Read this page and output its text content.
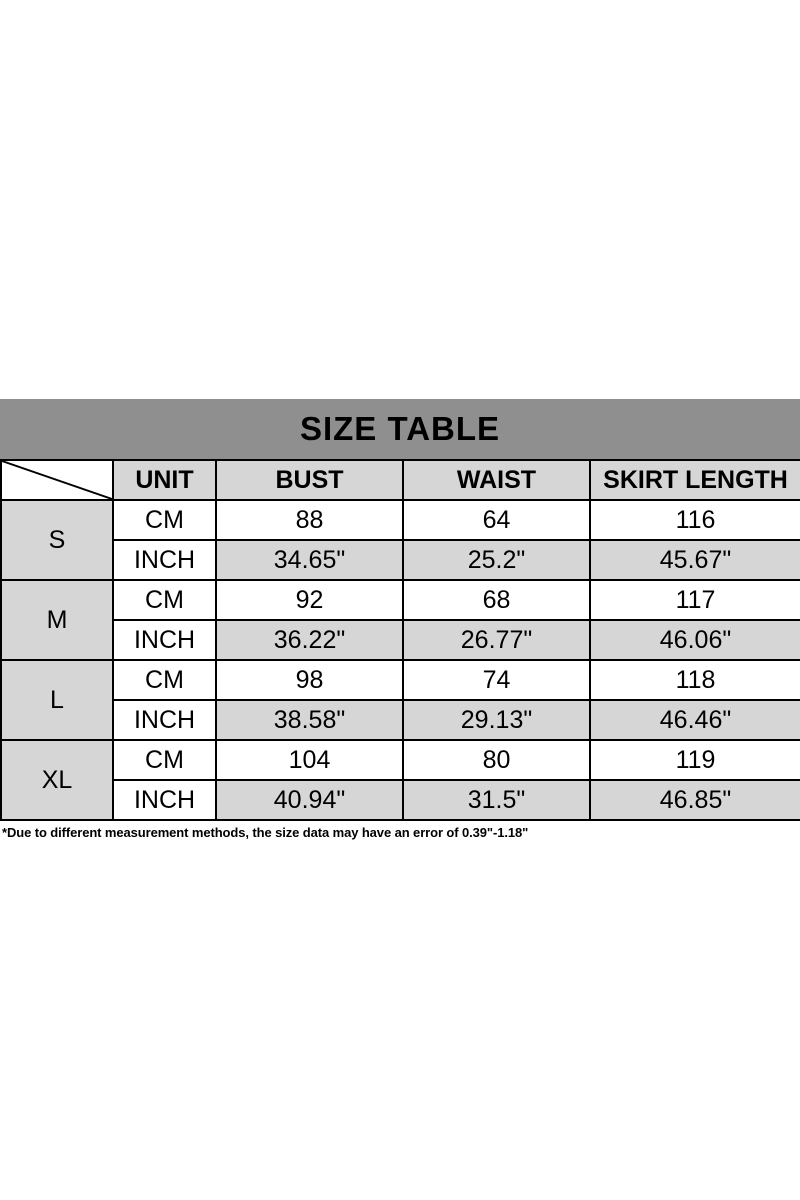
SIZE TABLE
	UNIT	BUST	WAIST	SKIRT LENGTH
S	CM	88	64	116
	INCH	34.65"	25.2"	45.67"
M	CM	92	68	117
	INCH	36.22"	26.77"	46.06"
L	CM	98	74	118
	INCH	38.58"	29.13"	46.46"
XL	CM	104	80	119
	INCH	40.94"	31.5"	46.85"
*Due to different measurement methods, the size data may have an error of 0.39"-1.18"
